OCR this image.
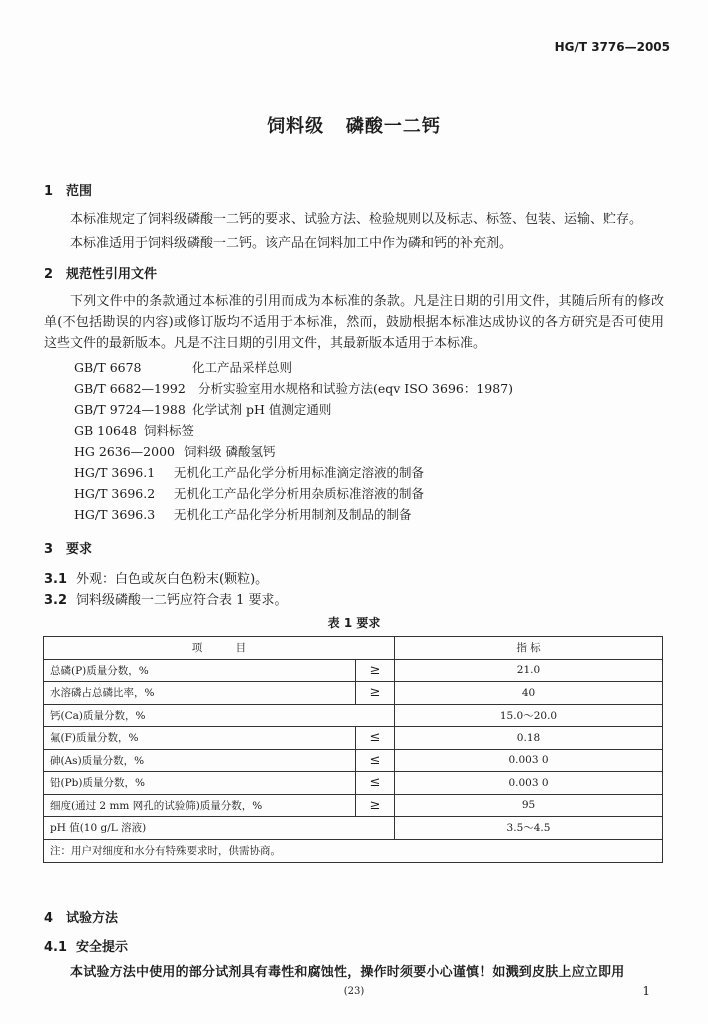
HG/T 3776—2005
饲料级   磷酸一二钙
1 范围
本标准规定了饲料级磷酸一二钙的要求、试验方法、检验规则以及标志、标签、包装、运输、贮存。
本标准适用于饲料级磷酸一二钙。该产品在饲料加工中作为磷和钙的补充剂。
2 规范性引用文件
下列文件中的条款通过本标准的引用而成为本标准的条款。凡是注日期的引用文件，其随后所有的修改单(不包括勘误的内容)或修订版均不适用于本标准，然而，鼓励根据本标准达成协议的各方研究是否可使用这些文件的最新版本。凡是不注日期的引用文件，其最新版本适用于本标准。
GB/T 6678	化工产品采样总则
GB/T 6682—1992 分析实验室用水规格和试验方法(eqv ISO 3696：1987)
GB/T 9724—1988 化学试剂 pH 值测定通则
GB 10648 饲料标签
HG 2636—2000 饲料级 磷酸氢钙
HG/T 3696.1 无机化工产品化学分析用标准滴定溶液的制备
HG/T 3696.2 无机化工产品化学分析用杂质标准溶液的制备
HG/T 3696.3 无机化工产品化学分析用制剂及制品的制备
3 要求
3.1 外观：白色或灰白色粉末(颗粒)。
3.2 饲料级磷酸一二钙应符合表 1 要求。
表 1 要求
项          目		指 标
总磷(P)质量分数，%	≥	21.0
水溶磷占总磷比率，%	≥	40
钙(Ca)质量分数，%		15.0～20.0
氟(F)质量分数，%	≤	0.18
砷(As)质量分数，%	≤	0.003 0
铅(Pb)质量分数，%	≤	0.003 0
细度(通过 2 mm 网孔的试验筛)质量分数，%	≥	95
pH 值(10 g/L 溶液)		3.5～4.5
注：用户对细度和水分有特殊要求时，供需协商。		
4 试验方法
4.1 安全提示
本试验方法中使用的部分试剂具有毒性和腐蚀性，操作时须要小心谨慎！如溅到皮肤上应立即用
(23)	1
